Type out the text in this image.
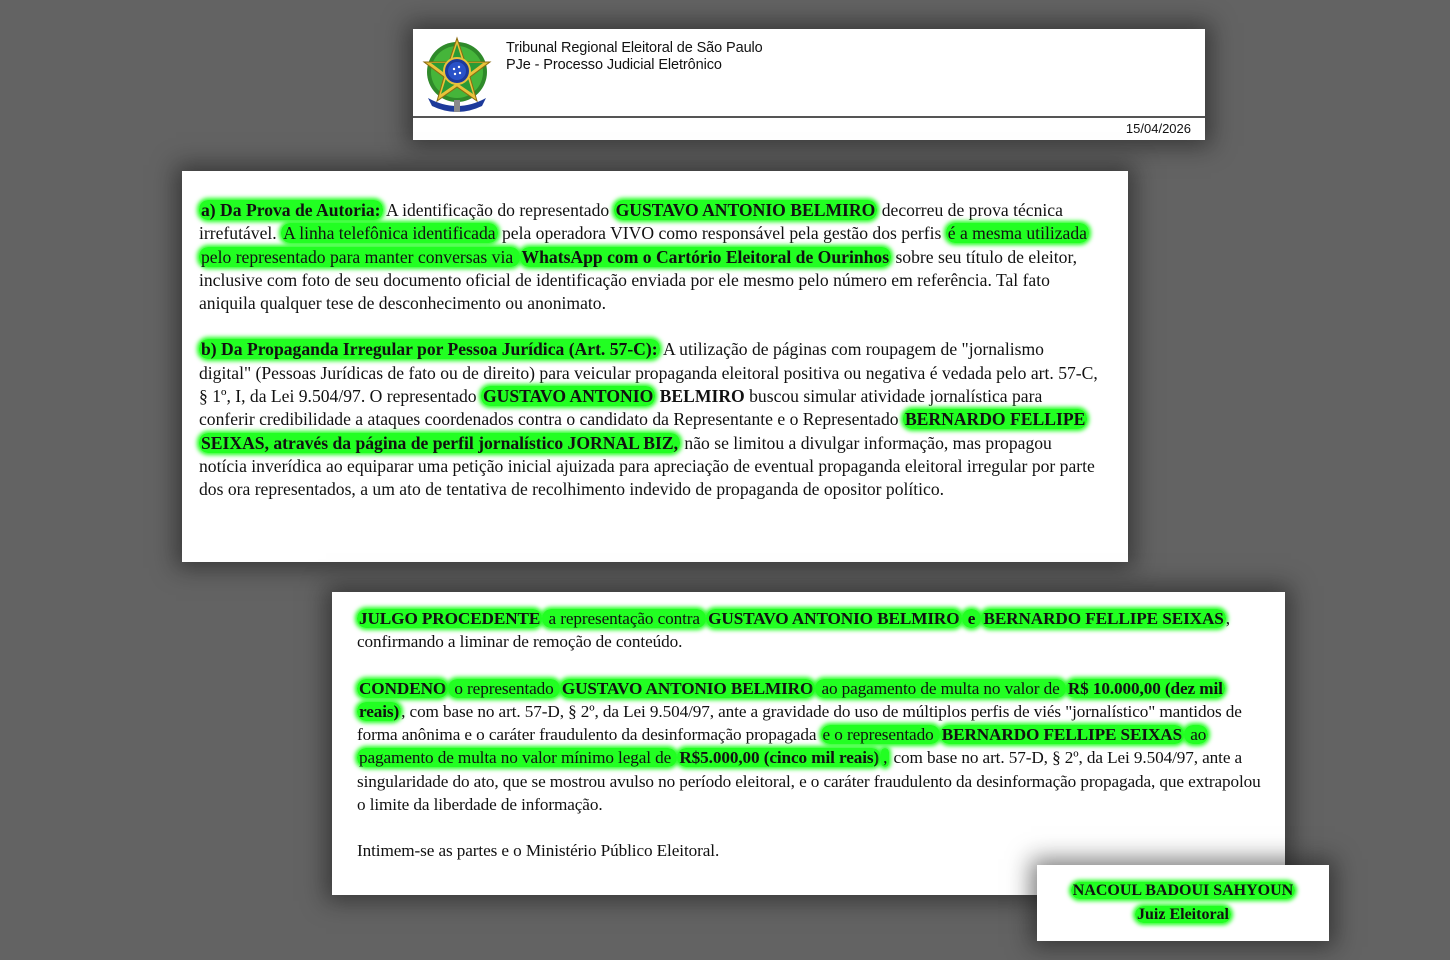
Tribunal Regional Eleitoral de São Paulo
PJe - Processo Judicial Eletrônico
15/04/2026

a) Da Prova de Autoria: A identificação do representado GUSTAVO ANTONIO BELMIRO decorreu de prova técnica irrefutável. A linha telefônica identificada pela operadora VIVO como responsável pela gestão dos perfis é a mesma utilizada pelo representado para manter conversas via WhatsApp com o Cartório Eleitoral de Ourinhos sobre seu título de eleitor, inclusive com foto de seu documento oficial de identificação enviada por ele mesmo pelo número em referência. Tal fato aniquila qualquer tese de desconhecimento ou anonimato.

b) Da Propaganda Irregular por Pessoa Jurídica (Art. 57-C): A utilização de páginas com roupagem de "jornalismo digital" (Pessoas Jurídicas de fato ou de direito) para veicular propaganda eleitoral positiva ou negativa é vedada pelo art. 57-C, § 1º, I, da Lei 9.504/97. O representado GUSTAVO ANTONIO BELMIRO buscou simular atividade jornalística para conferir credibilidade a ataques coordenados contra o candidato da Representante e o Representado BERNARDO FELLIPE SEIXAS, através da página de perfil jornalístico JORNAL BIZ, não se limitou a divulgar informação, mas propagou notícia inverídica ao equiparar uma petição inicial ajuizada para apreciação de eventual propaganda eleitoral irregular por parte dos ora representados, a um ato de tentativa de recolhimento indevido de propaganda de opositor político.

JULGO PROCEDENTE a representação contra GUSTAVO ANTONIO BELMIRO e BERNARDO FELLIPE SEIXAS , confirmando a liminar de remoção de conteúdo.

CONDENO o representado GUSTAVO ANTONIO BELMIRO ao pagamento de multa no valor de R$ 10.000,00 (dez mil reais) , com base no art. 57-D, § 2º, da Lei 9.504/97, ante a gravidade do uso de múltiplos perfis de viés "jornalístico" mantidos de forma anônima e o caráter fraudulento da desinformação propagada e o representado BERNARDO FELLIPE SEIXAS ao pagamento de multa no valor mínimo legal de R$5.000,00 (cinco mil reais) , com base no art. 57-D, § 2º, da Lei 9.504/97, ante a singularidade do ato, que se mostrou avulso no período eleitoral, e o caráter fraudulento da desinformação propagada, que extrapolou o limite da liberdade de informação.

Intimem-se as partes e o Ministério Público Eleitoral.

NACOUL BADOUI SAHYOUN
Juiz Eleitoral
